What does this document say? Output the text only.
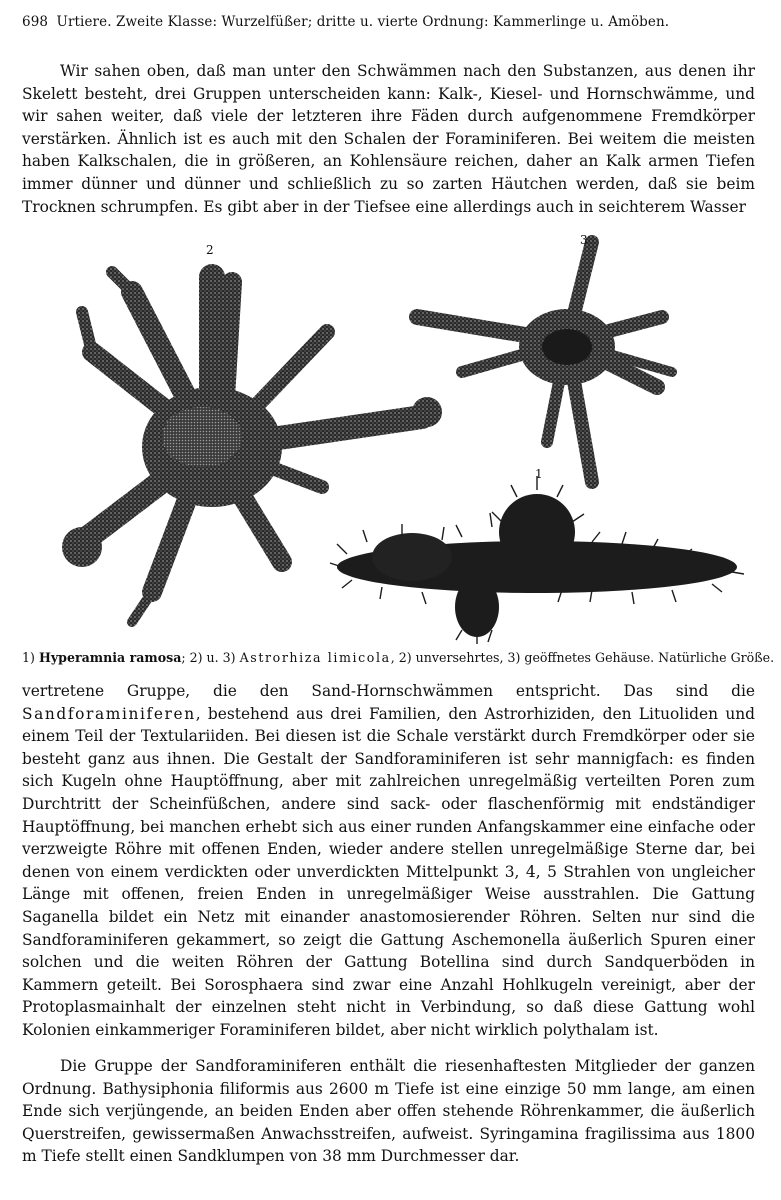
698 Urtiere. Zweite Klasse: Wurzelfüßer; dritte u. vierte Ordnung: Kammerlinge u. Amöben.

Wir sahen oben, daß man unter den Schwämmen nach den Substanzen, aus denen ihr Skelett besteht, drei Gruppen unterscheiden kann: Kalk-, Kiesel- und Hornschwämme, und wir sahen weiter, daß viele der letzteren ihre Fäden durch aufgenommene Fremdkörper verstärken. Ähnlich ist es auch mit den Schalen der Foraminiferen. Bei weitem die meisten haben Kalkschalen, die in größeren, an Kohlensäure reichen, daher an Kalk armen Tiefen immer dünner und dünner und schließlich zu so zarten Häutchen werden, daß sie beim Trocknen schrumpfen. Es gibt aber in der Tiefsee eine allerdings auch in seichterem Wasser

2
3
1
1) Hyperamnia ramosa; 2) u. 3) Astrorhiza limicola, 2) unversehrtes, 3) geöffnetes Gehäuse. Natürliche Größe.

vertretene Gruppe, die den Sand-Hornschwämmen entspricht. Das sind die Sandforaminiferen, bestehend aus drei Familien, den Astrorhiziden, den Lituoliden und einem Teil der Textulariiden. Bei diesen ist die Schale verstärkt durch Fremdkörper oder sie besteht ganz aus ihnen. Die Gestalt der Sandforaminiferen ist sehr mannigfach: es finden sich Kugeln ohne Hauptöffnung, aber mit zahlreichen unregelmäßig verteilten Poren zum Durchtritt der Scheinfüßchen, andere sind sack- oder flaschenförmig mit endständiger Hauptöffnung, bei manchen erhebt sich aus einer runden Anfangskammer eine einfache oder verzweigte Röhre mit offenen Enden, wieder andere stellen unregelmäßige Sterne dar, bei denen von einem verdickten oder unverdickten Mittelpunkt 3, 4, 5 Strahlen von ungleicher Länge mit offenen, freien Enden in unregelmäßiger Weise ausstrahlen. Die Gattung Saganella bildet ein Netz mit einander anastomosierender Röhren. Selten nur sind die Sandforaminiferen gekammert, so zeigt die Gattung Aschemonella äußerlich Spuren einer solchen und die weiten Röhren der Gattung Botellina sind durch Sandquerböden in Kammern geteilt. Bei Sorosphaera sind zwar eine Anzahl Hohlkugeln vereinigt, aber der Protoplasmainhalt der einzelnen steht nicht in Verbindung, so daß diese Gattung wohl Kolonien einkammeriger Foraminiferen bildet, aber nicht wirklich polythalam ist.

Die Gruppe der Sandforaminiferen enthält die riesenhaftesten Mitglieder der ganzen Ordnung. Bathysiphonia filiformis aus 2600 m Tiefe ist eine einzige 50 mm lange, am einen Ende sich verjüngende, an beiden Enden aber offen stehende Röhrenkammer, die äußerlich Querstreifen, gewissermaßen Anwachsstreifen, aufweist. Syringamina fragilissima aus 1800 m Tiefe stellt einen Sandklumpen von 38 mm Durchmesser dar.
